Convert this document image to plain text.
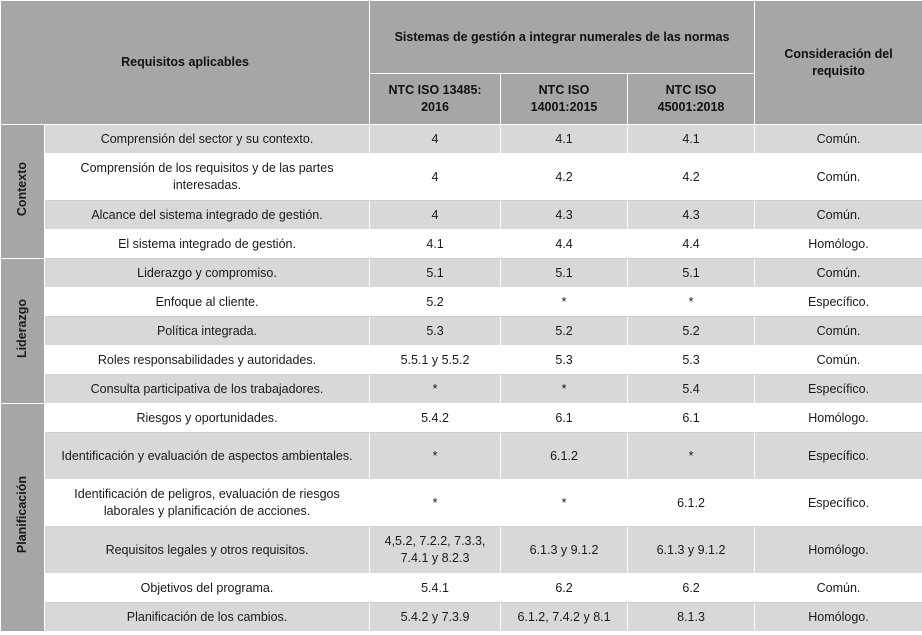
Requisitos aplicables		Sistemas de gestión a integrar numerales de las normas			Consideración del requisito
		NTC ISO 13485: 2016	NTC ISO 14001:2015	NTC ISO 45001:2018	
Contexto	Comprensión del sector y su contexto.	4	4.1	4.1	Común.
	Comprensión de los requisitos y de las partes interesadas.	4	4.2	4.2	Común.
	Alcance del sistema integrado de gestión.	4	4.3	4.3	Común.
	El sistema integrado de gestión.	4.1	4.4	4.4	Homólogo.
Liderazgo	Liderazgo y compromiso.	5.1	5.1	5.1	Común.
	Enfoque al cliente.	5.2	*	*	Específico.
	Política integrada.	5.3	5.2	5.2	Común.
	Roles responsabilidades y autoridades.	5.5.1 y 5.5.2	5.3	5.3	Común.
	Consulta participativa de los trabajadores.	*	*	5.4	Específico.
Planificación	Riesgos y oportunidades.	5.4.2	6.1	6.1	Homólogo.
	Identificación y evaluación de aspectos ambientales.	*	6.1.2	*	Específico.
	Identificación de peligros, evaluación de riesgos laborales y planificación de acciones.	*	*	6.1.2	Específico.
	Requisitos legales y otros requisitos.	4,5.2, 7.2.2, 7.3.3, 7.4.1 y 8.2.3	6.1.3 y 9.1.2	6.1.3 y 9.1.2	Homólogo.
	Objetivos del programa.	5.4.1	6.2	6.2	Común.
	Planificación de los cambios.	5.4.2 y 7.3.9	6.1.2, 7.4.2 y 8.1	8.1.3	Homólogo.
